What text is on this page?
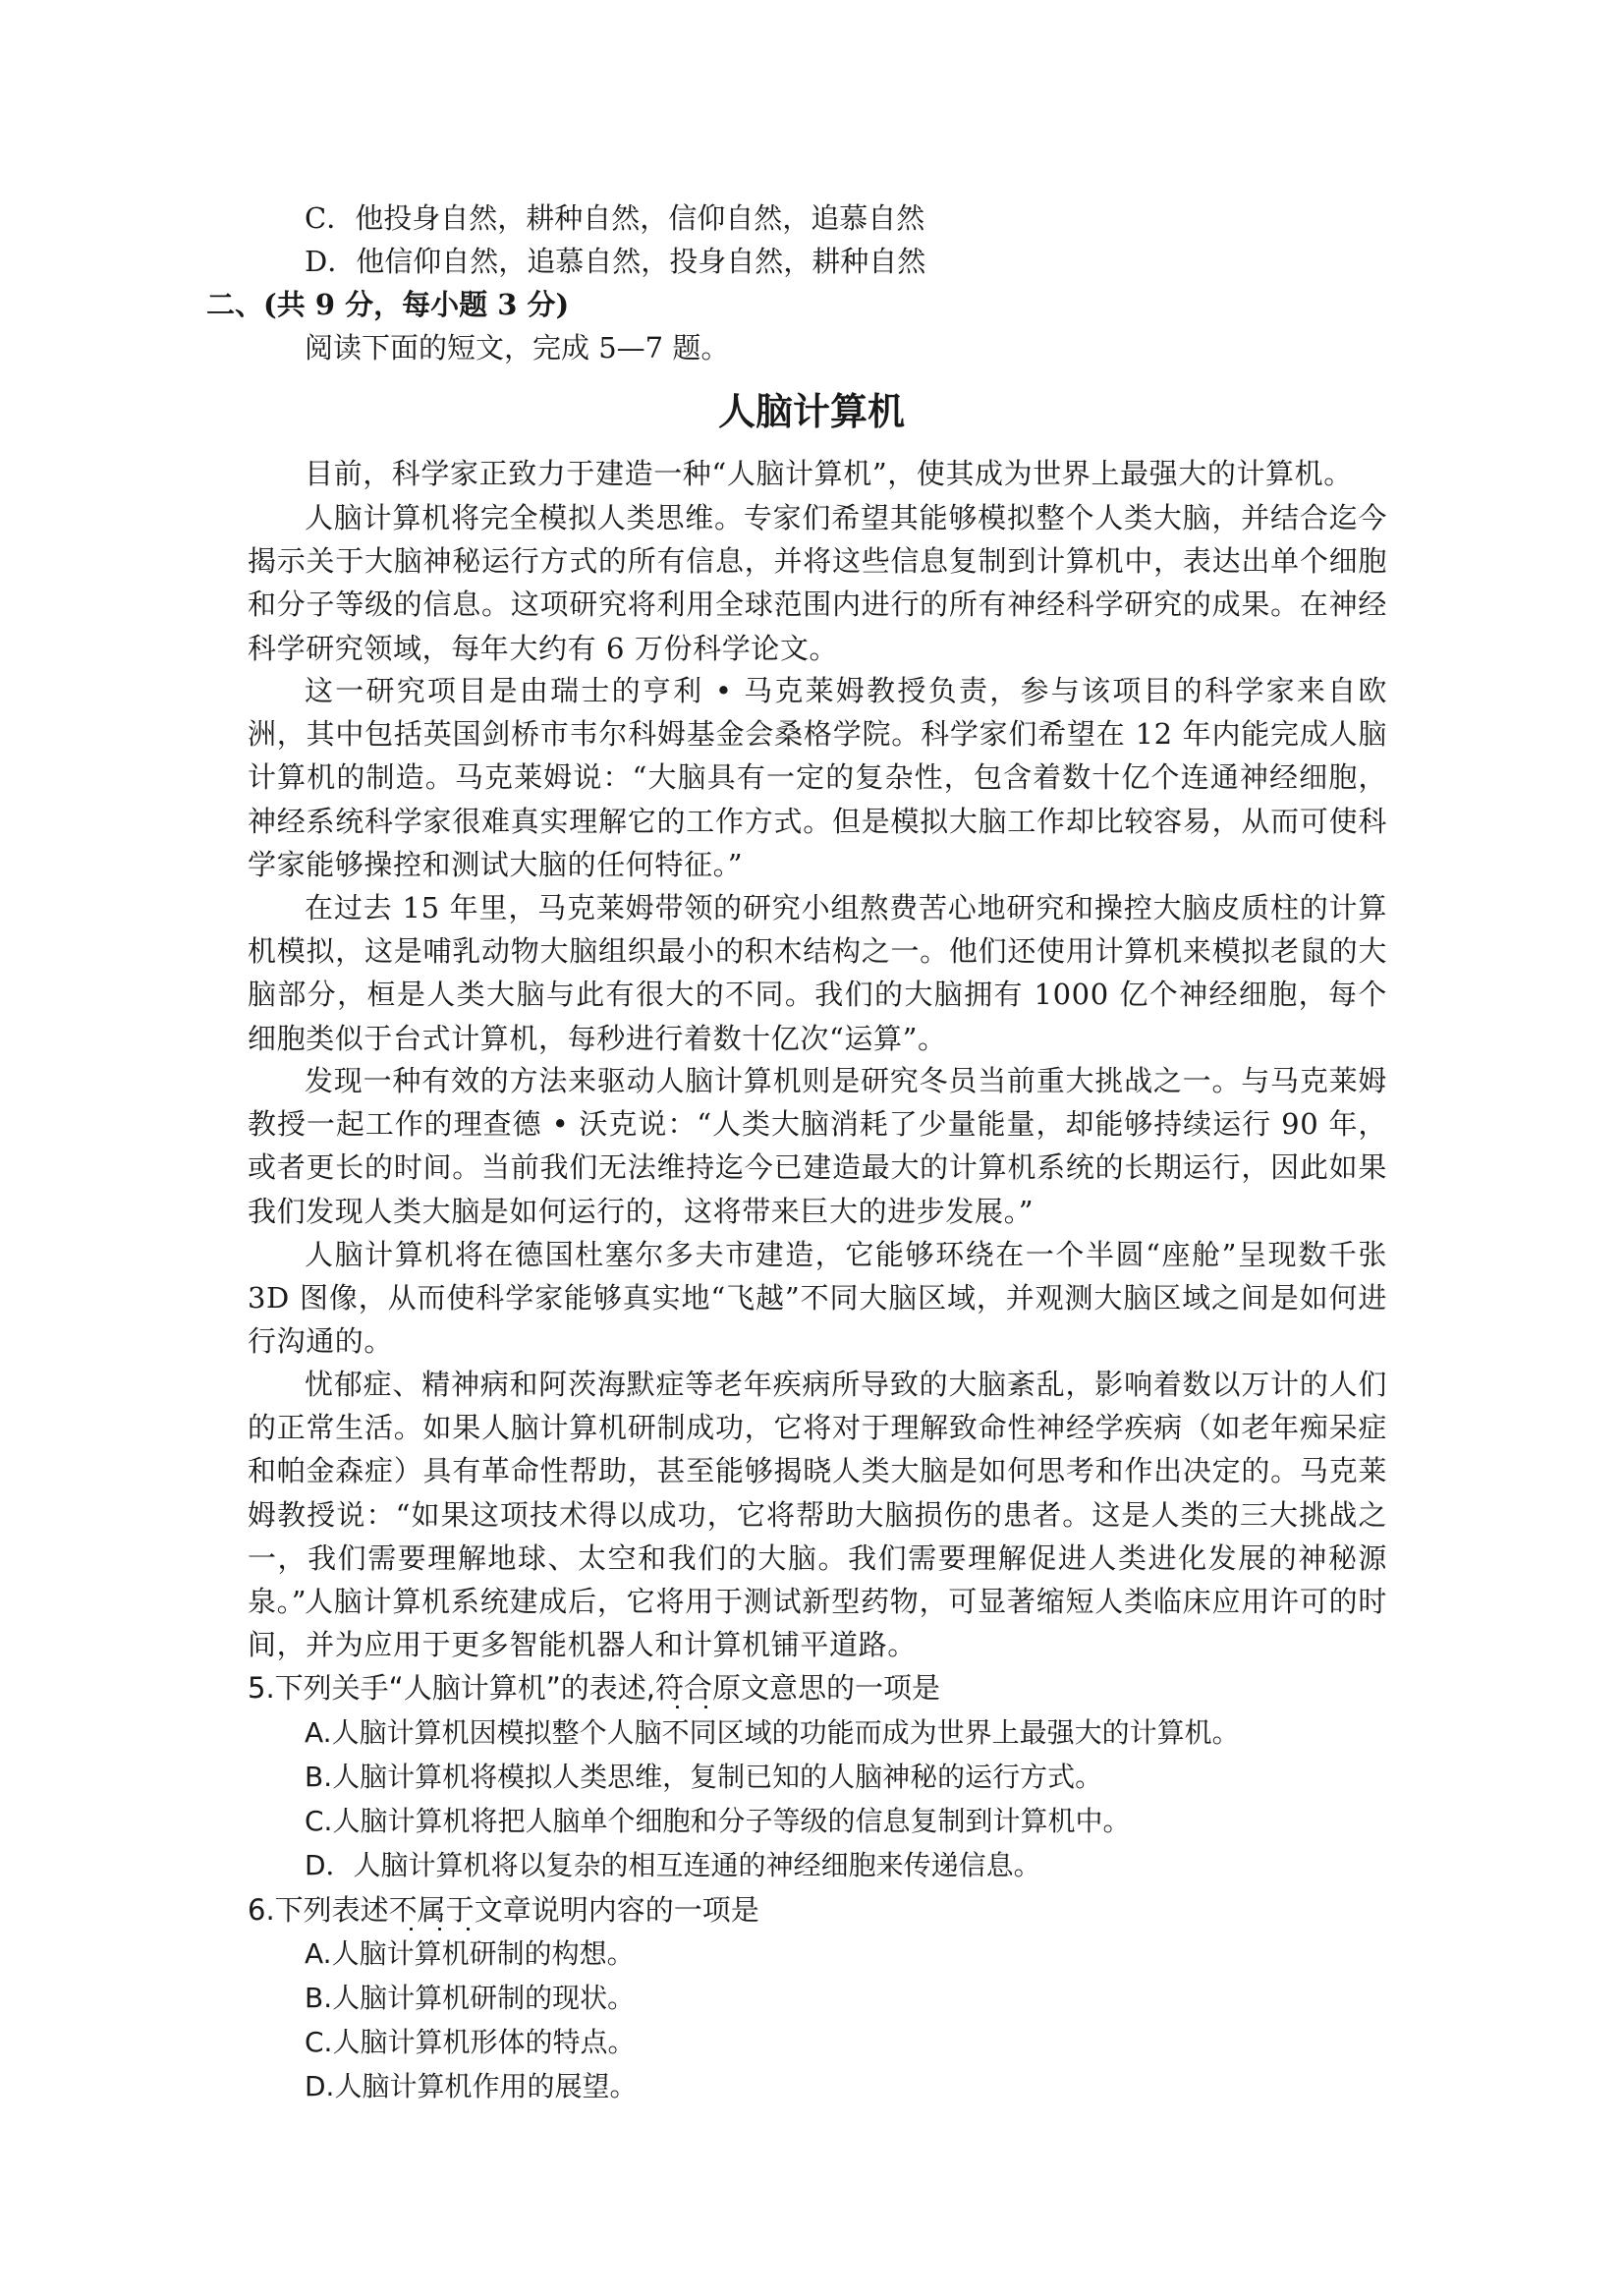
C．他投身自然，耕种自然，信仰自然，追慕自然
D．他信仰自然，追慕自然，投身自然，耕种自然
二、(共 9 分，每小题 3 分)
阅读下面的短文，完成 5—7 题。
人脑计算机
目前，科学家正致力于建造一种“人脑计算机”，使其成为世界上最强大的计算机。
人脑计算机将完全模拟人类思维。专家们希望其能够模拟整个人类大脑，并结合迄今揭示关于大脑神秘运行方式的所有信息，并将这些信息复制到计算机中，表达出单个细胞和分子等级的信息。这项研究将利用全球范围内进行的所有神经科学研究的成果。在神经科学研究领域，每年大约有 6 万份科学论文。
这一研究项目是由瑞士的亨利 • 马克莱姆教授负责，参与该项目的科学家来自欧洲，其中包括英国剑桥市韦尔科姆基金会桑格学院。科学家们希望在 12 年内能完成人脑计算机的制造。马克莱姆说：“大脑具有一定的复杂性，包含着数十亿个连通神经细胞，神经系统科学家很难真实理解它的工作方式。但是模拟大脑工作却比较容易，从而可使科学家能够操控和测试大脑的任何特征。”
在过去 15 年里，马克莱姆带领的研究小组熬费苦心地研究和操控大脑皮质柱的计算机模拟，这是哺乳动物大脑组织最小的积木结构之一。他们还使用计算机来模拟老鼠的大脑部分，桓是人类大脑与此有很大的不同。我们的大脑拥有 1000 亿个神经细胞，每个细胞类似于台式计算机，每秒进行着数十亿次“运算”。
发现一种有效的方法来驱动人脑计算机则是研究冬员当前重大挑战之一。与马克莱姆教授一起工作的理查德 • 沃克说：“人类大脑消耗了少量能量，却能够持续运行 90 年，或者更长的时间。当前我们无法维持迄今已建造最大的计算机系统的长期运行，因此如果我们发现人类大脑是如何运行的，这将带来巨大的进步发展。”
人脑计算机将在德国杜塞尔多夫市建造，它能够环绕在一个半圆“座舱”呈现数千张 3D 图像，从而使科学家能够真实地“飞越”不同大脑区域，并观测大脑区域之间是如何进行沟通的。
忧郁症、精神病和阿茨海默症等老年疾病所导致的大脑紊乱，影响着数以万计的人们的正常生活。如果人脑计算机研制成功，它将对于理解致命性神经学疾病（如老年痴呆症和帕金森症）具有革命性帮助，甚至能够揭晓人类大脑是如何思考和作出决定的。马克莱姆教授说：“如果这项技术得以成功，它将帮助大脑损伤的患者。这是人类的三大挑战之一，我们需要理解地球、太空和我们的大脑。我们需要理解促进人类进化发展的神秘源泉。”
人脑计算机系统建成后，它将用于测试新型药物，可显著缩短人类临床应用许可的时间，并为应用于更多智能机器人和计算机铺平道路。
5.下列关手“人脑计算机”的表述,符合原文意思的一项是
A.人脑计算机因模拟整个人脑不同区域的功能而成为世界上最强大的计算机。
B.人脑计算机将模拟人类思维，复制已知的人脑神秘的运行方式。
C.人脑计算机将把人脑单个细胞和分子等级的信息复制到计算机中。
D．人脑计算机将以复杂的相互连通的神经细胞来传递信息。
6.下列表述不属于文章说明内容的一项是
A.人脑计算机研制的构想。
B.人脑计算机研制的现状。
C.人脑计算机形体的特点。
D.人脑计算机作用的展望。
